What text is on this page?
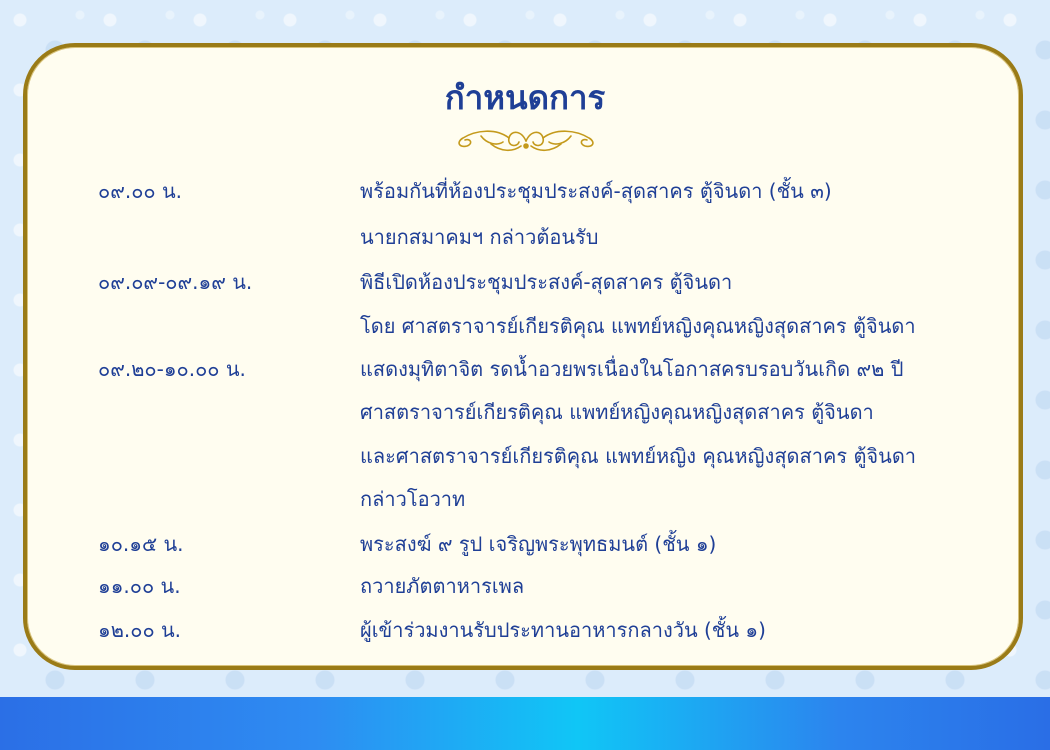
กำหนดการ
๐๙.๐๐ น.	พร้อมกันที่ห้องประชุมประสงค์-สุดสาคร ตู้จินดา (ชั้น ๓)
นายกสมาคมฯ กล่าวต้อนรับ
๐๙.๐๙-๐๙.๑๙ น.	พิธีเปิดห้องประชุมประสงค์-สุดสาคร ตู้จินดา
โดย ศาสตราจารย์เกียรติคุณ แพทย์หญิงคุณหญิงสุดสาคร ตู้จินดา
๐๙.๒๐-๑๐.๐๐ น.	แสดงมุทิตาจิต รดน้ำอวยพรเนื่องในโอกาสครบรอบวันเกิด ๙๒ ปี
ศาสตราจารย์เกียรติคุณ แพทย์หญิงคุณหญิงสุดสาคร ตู้จินดา
และศาสตราจารย์เกียรติคุณ แพทย์หญิง คุณหญิงสุดสาคร ตู้จินดา
กล่าวโอวาท
๑๐.๑๕ น.	พระสงฆ์ ๙ รูป เจริญพระพุทธมนต์ (ชั้น ๑)
๑๑.๐๐ น.	ถวายภัตตาหารเพล
๑๒.๐๐ น.	ผู้เข้าร่วมงานรับประทานอาหารกลางวัน (ชั้น ๑)
